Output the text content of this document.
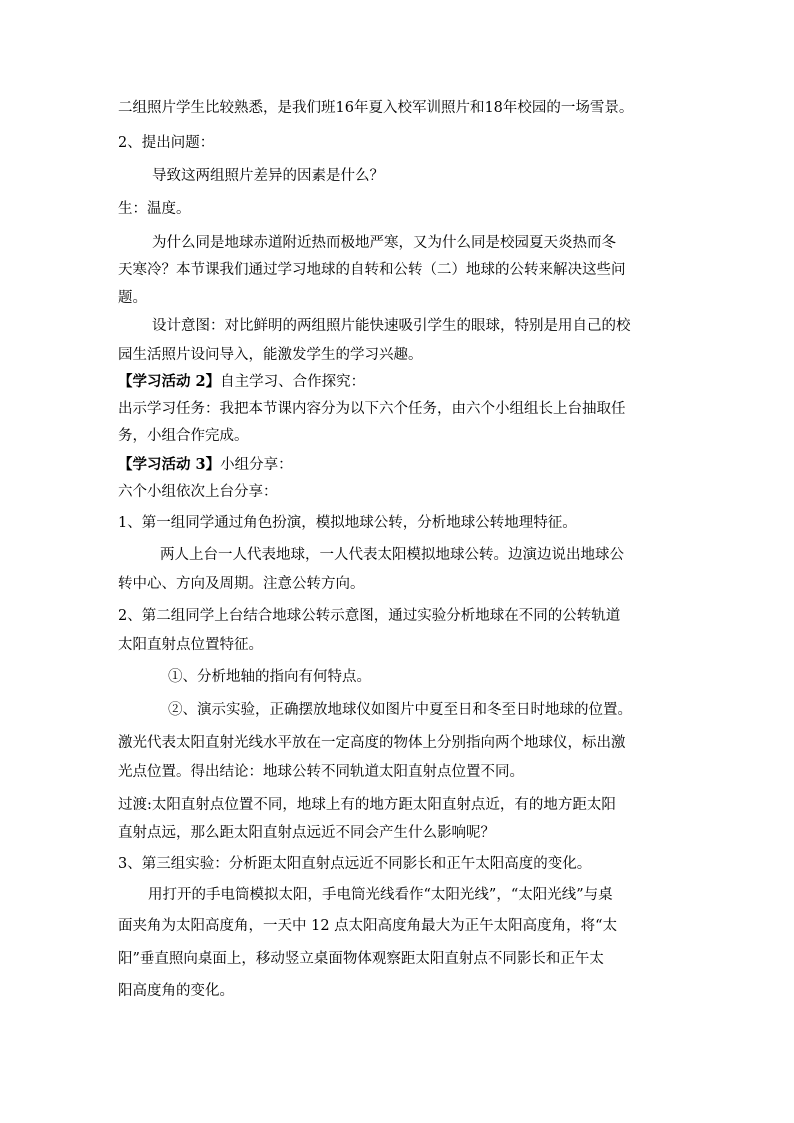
二组照片学生比较熟悉，是我们班16年夏入校军训照片和18年校园的一场雪景。
2、提出问题：
导致这两组照片差异的因素是什么？
生：温度。
为什么同是地球赤道附近热而极地严寒，又为什么同是校园夏天炎热而冬
天寒冷？本节课我们通过学习地球的自转和公转（二）地球的公转来解决这些问
题。
设计意图：对比鲜明的两组照片能快速吸引学生的眼球，特别是用自己的校
园生活照片设问导入，能激发学生的学习兴趣。
【学习活动 2】自主学习、合作探究：
出示学习任务：我把本节课内容分为以下六个任务，由六个小组组长上台抽取任
务，小组合作完成。
【学习活动 3】小组分享：
六个小组依次上台分享：
1、第一组同学通过角色扮演，模拟地球公转，分析地球公转地理特征。
两人上台一人代表地球，一人代表太阳模拟地球公转。边演边说出地球公
转中心、方向及周期。注意公转方向。
2、第二组同学上台结合地球公转示意图，通过实验分析地球在不同的公转轨道
太阳直射点位置特征。
①、分析地轴的指向有何特点。
②、演示实验，正确摆放地球仪如图片中夏至日和冬至日时地球的位置。
激光代表太阳直射光线水平放在一定高度的物体上分别指向两个地球仪，标出激
光点位置。得出结论：地球公转不同轨道太阳直射点位置不同。
过渡:太阳直射点位置不同，地球上有的地方距太阳直射点近，有的地方距太阳
直射点远，那么距太阳直射点远近不同会产生什么影响呢？
3、第三组实验：分析距太阳直射点远近不同影长和正午太阳高度的变化。
用打开的手电筒模拟太阳，手电筒光线看作“太阳光线”，“太阳光线”与桌
面夹角为太阳高度角，一天中 12 点太阳高度角最大为正午太阳高度角，将“太
阳”垂直照向桌面上，移动竖立桌面物体观察距太阳直射点不同影长和正午太
阳高度角的变化。
